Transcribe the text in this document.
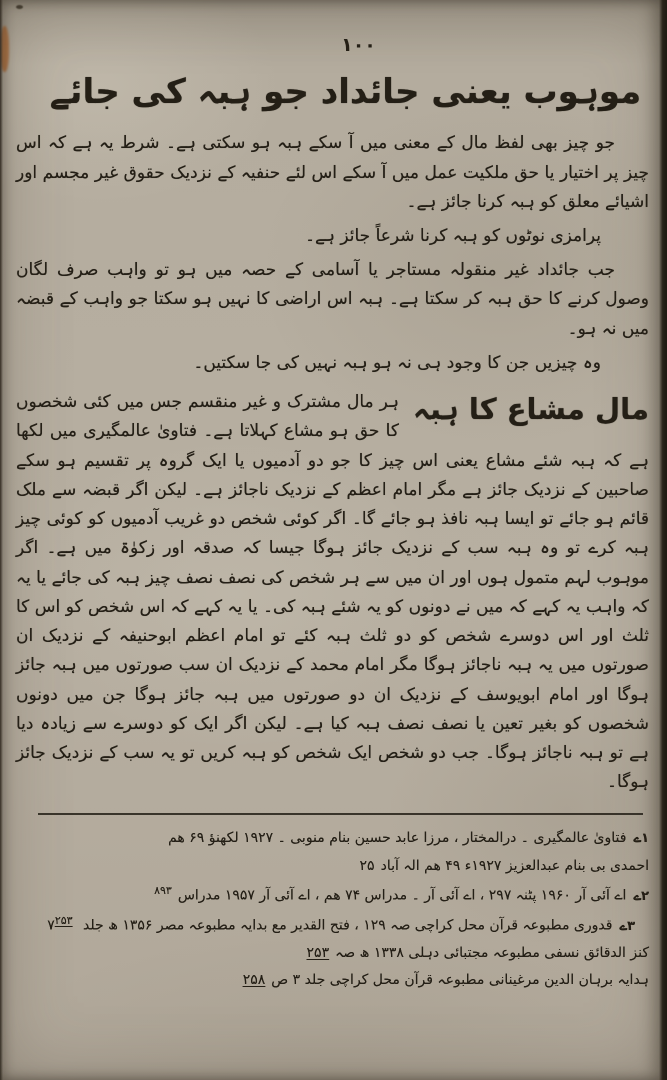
۱۰۰
موہوب یعنی جائداد جو ہبہ کی جائے

جو چیز بھی لفظ مال کے معنی میں آ سکے ہبہ ہو سکتی ہے۔ شرط یہ ہے کہ اس چیز پر اختیار یا حق ملکیت عمل میں آ سکے اس لئے حنفیہ کے نزدیک حقوق غیر مجسم اور اشیائے معلق کو ہبہ کرنا جائز ہے۔

پرامزی نوٹوں کو ہبہ کرنا شرعاً جائز ہے۔

جب جائداد غیر منقولہ مستاجر یا آسامی کے حصہ میں ہو تو واہب صرف لگان وصول کرنے کا حق ہبہ کر سکتا ہے۔ ہبہ اس اراضی کا نہیں ہو سکتا جو واہب کے قبضہ میں نہ ہو۔

وہ چیزیں جن کا وجود ہی نہ ہو ہبہ نہیں کی جا سکتیں۔

مال مشاع کا ہبہ
ہر مال مشترک و غیر منقسم جس میں کئی شخصوں کا حق ہو مشاع کہلاتا ہے۔ فتاویٰ عالمگیری میں لکھا ہے کہ ہبہ شئے مشاع یعنی اس چیز کا جو دو آدمیوں یا ایک گروہ پر تقسیم ہو سکے صاحبین کے نزدیک جائز ہے مگر امام اعظم کے نزدیک ناجائز ہے۔ لیکن اگر قبضہ سے ملک قائم ہو جائے تو ایسا ہبہ نافذ ہو جائے گا۔ اگر کوئی شخص دو غریب آدمیوں کو کوئی چیز ہبہ کرے تو وہ ہبہ سب کے نزدیک جائز ہوگا جیسا کہ صدقہ اور زکوٰۃ میں ہے۔ اگر موہوب لہم متمول ہوں اور ان میں سے ہر شخص کی نصف نصف چیز ہبہ کی جائے یا یہ کہ واہب یہ کہے کہ میں نے دونوں کو یہ شئے ہبہ کی۔ یا یہ کہے کہ اس شخص کو اس کا ثلث اور اس دوسرے شخص کو دو ثلث ہبہ کئے تو امام اعظم ابوحنیفہ کے نزدیک ان صورتوں میں یہ ہبہ ناجائز ہوگا مگر امام محمد کے نزدیک ان سب صورتوں میں ہبہ جائز ہوگا اور امام ابویوسف کے نزدیک ان دو صورتوں میں ہبہ جائز ہوگا جن میں دونوں شخصوں کو بغیر تعین یا نصف نصف ہبہ کیا ہے۔ لیکن اگر ایک کو دوسرے سے زیادہ دیا ہے تو ہبہ ناجائز ہوگا۔ جب دو شخص ایک شخص کو ہبہ کریں تو یہ سب کے نزدیک جائز ہوگا۔
۱ےفتاویٰ عالمگیری ۔ درالمختار ، مرزا عابد حسین بنام منوبی ۔ ۱۹۲۷ لکھنؤ ۶۹ ھم
احمدی بی بنام عبدالعزیز ۱۹۲۷ء ۴۹ ھم الہ آباد۲۵
۲ےاے آئی آر ۱۹۶۰ پٹنہ ۲۹۷ ، اے آئی آر ۔ مدراس ۷۴ ھم ، اے آئی آر ۱۹۵۷ مدراس$^{۸۹۳}$
۳ےقدوری مطبوعہ قرآن محل کراچی صہ ۱۲۹ ، فتح القدیر مع بدایہ مطبوعہ مصر ۱۳۵۶ ھ جلد ۷$^{۲۵۳}$
کنز الدقائق نسفی مطبوعہ مجتبائی دہلی ۱۳۳۸ ھ صہ۲۵۳
ہدایہ برہان الدین مرغینانی مطبوعہ قرآن محل کراچی جلد ۳ ص۲۵۸
